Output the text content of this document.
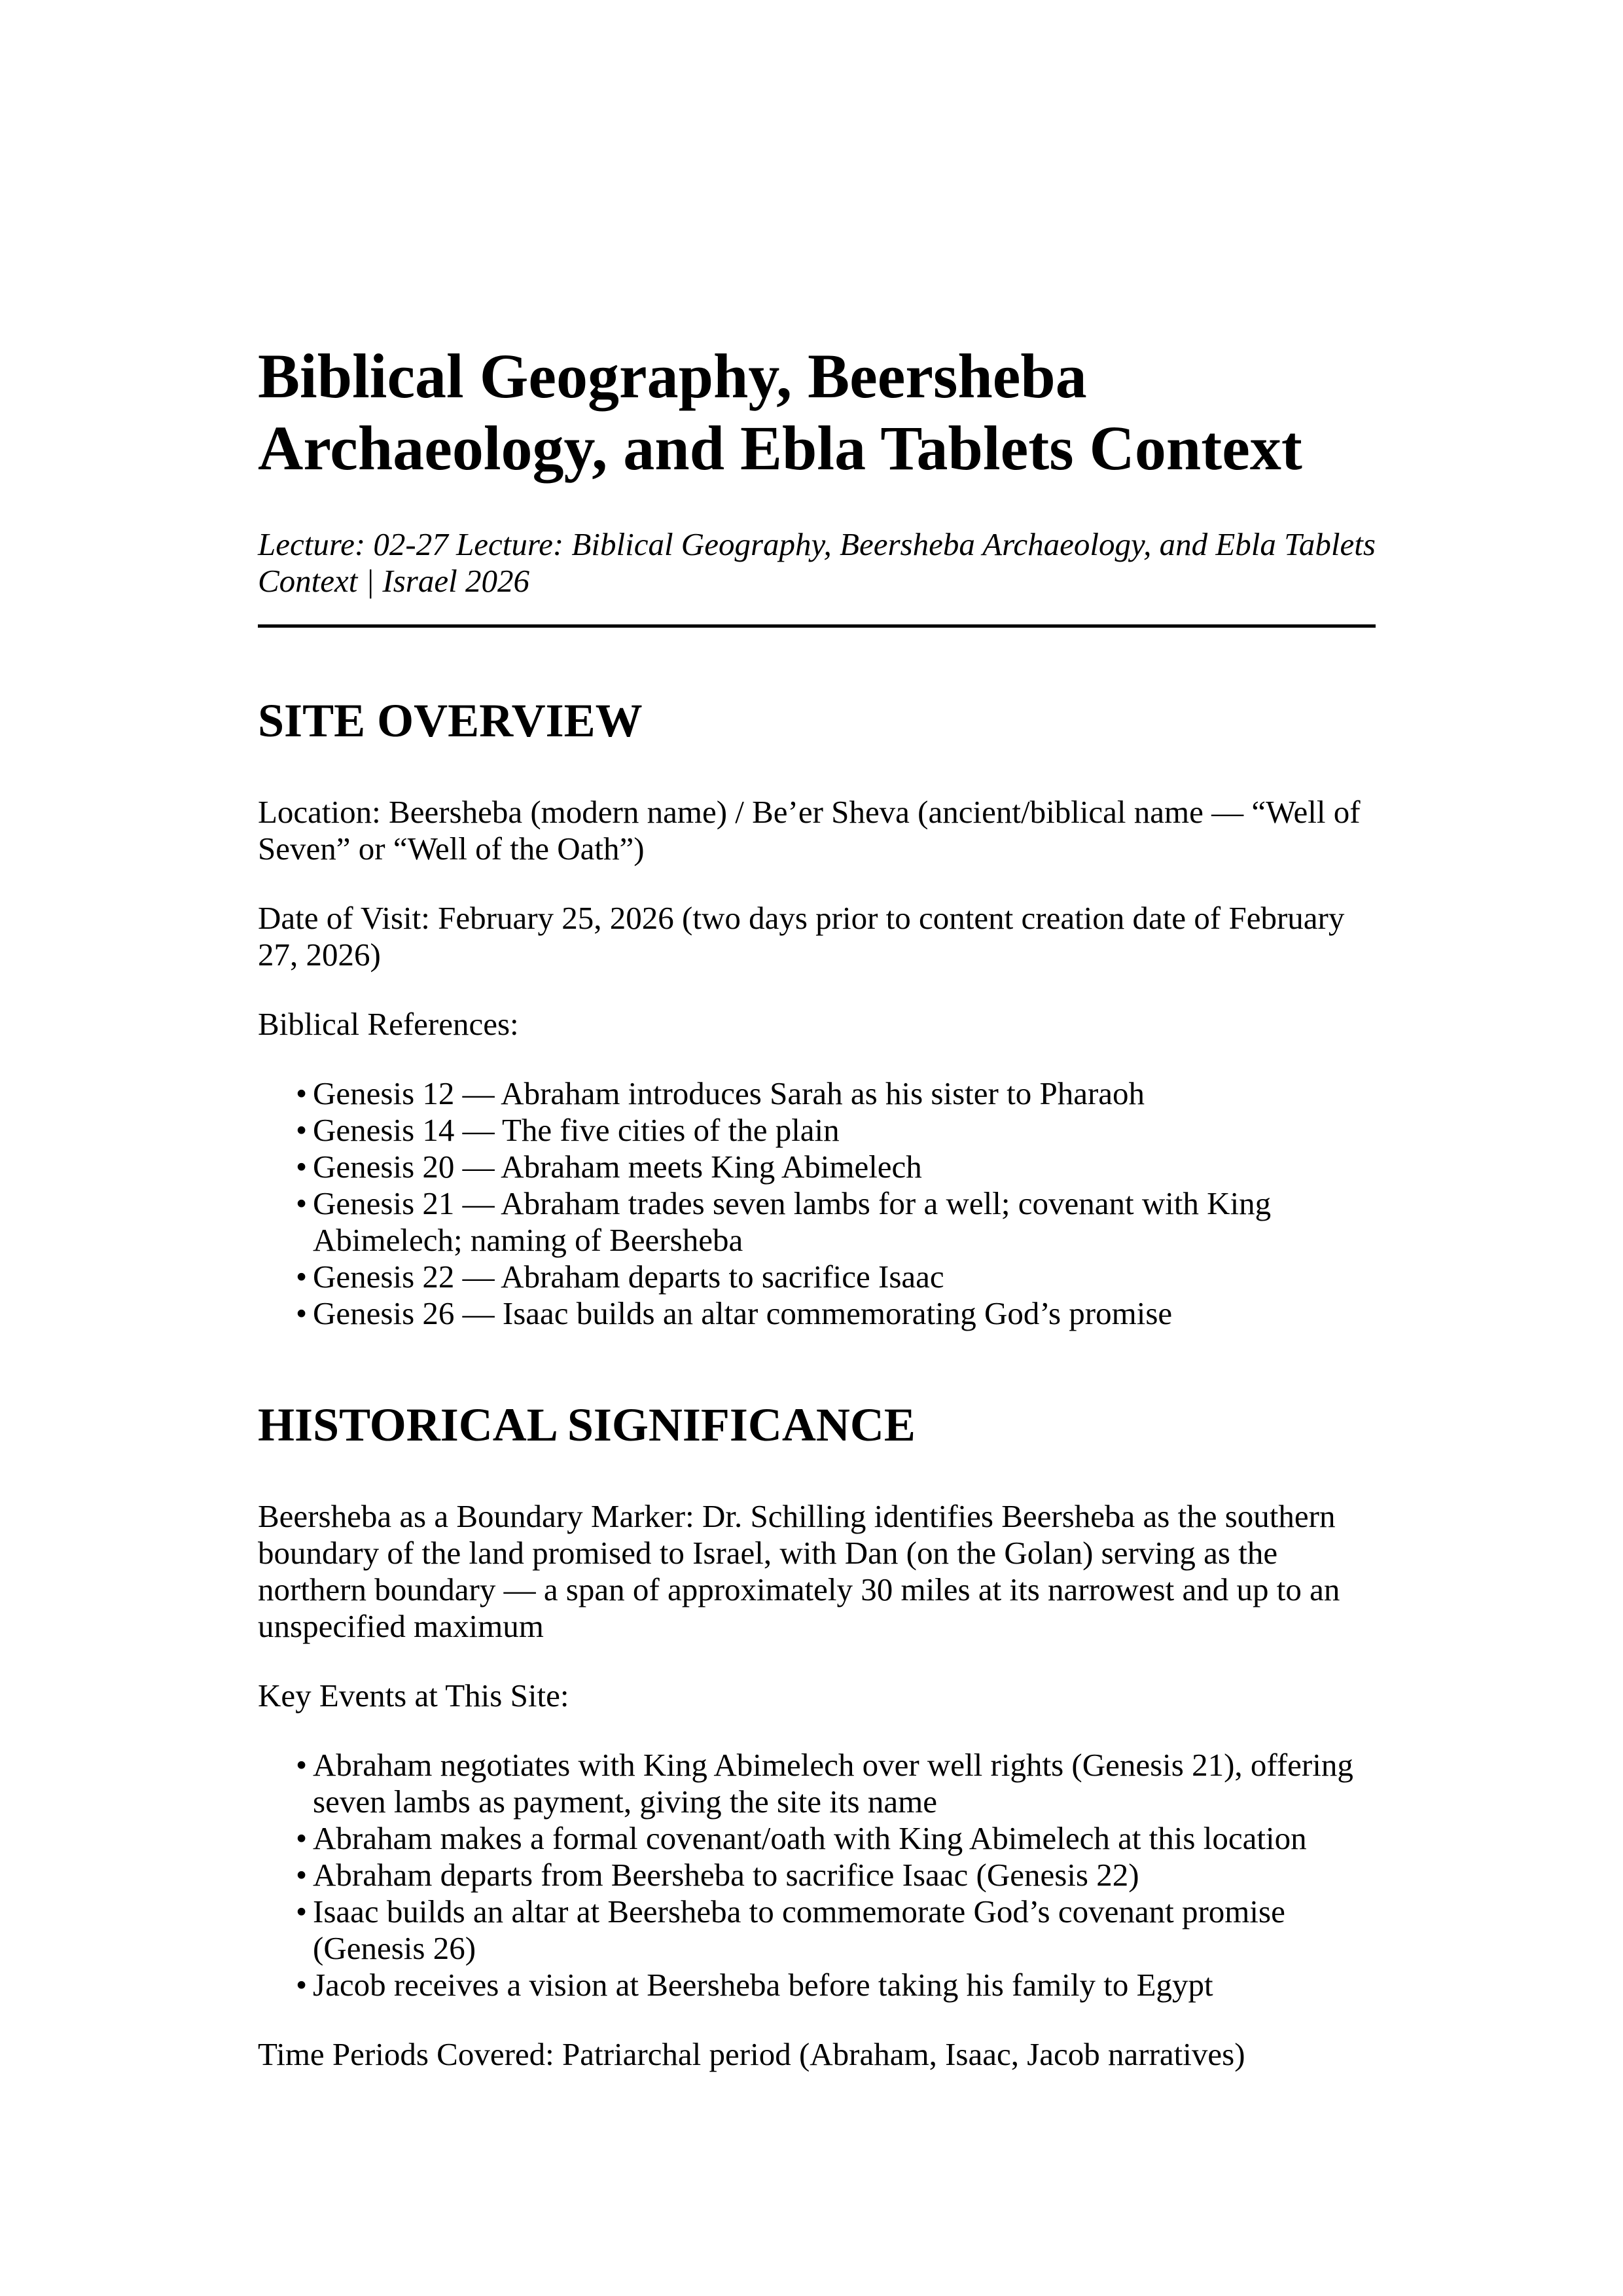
Biblical Geography, Beersheba
Archaeology, and Ebla Tablets Context
Lecture: 02-27 Lecture: Biblical Geography, Beersheba Archaeology, and Ebla Tablets Context | Israel 2026
SITE OVERVIEW

Location: Beersheba (modern name) / Be’er Sheva (ancient/biblical name — “Well of Seven” or “Well of the Oath”)

Date of Visit: February 25, 2026 (two days prior to content creation date of February 27, 2026)

Biblical References:

• Genesis 12 — Abraham introduces Sarah as his sister to Pharaoh
• Genesis 14 — The five cities of the plain
• Genesis 20 — Abraham meets King Abimelech
• Genesis 21 — Abraham trades seven lambs for a well; covenant with King Abimelech; naming of Beersheba
• Genesis 22 — Abraham departs to sacrifice Isaac
• Genesis 26 — Isaac builds an altar commemorating God’s promise
HISTORICAL SIGNIFICANCE

Beersheba as a Boundary Marker: Dr. Schilling identifies Beersheba as the southern boundary of the land promised to Israel, with Dan (on the Golan) serving as the northern boundary — a span of approximately 30 miles at its narrowest and up to an unspecified maximum

Key Events at This Site:

• Abraham negotiates with King Abimelech over well rights (Genesis 21), offering seven lambs as payment, giving the site its name
• Abraham makes a formal covenant/oath with King Abimelech at this location
• Abraham departs from Beersheba to sacrifice Isaac (Genesis 22)
• Isaac builds an altar at Beersheba to commemorate God’s covenant promise (Genesis 26)
• Jacob receives a vision at Beersheba before taking his family to Egypt

Time Periods Covered: Patriarchal period (Abraham, Isaac, Jacob narratives)
